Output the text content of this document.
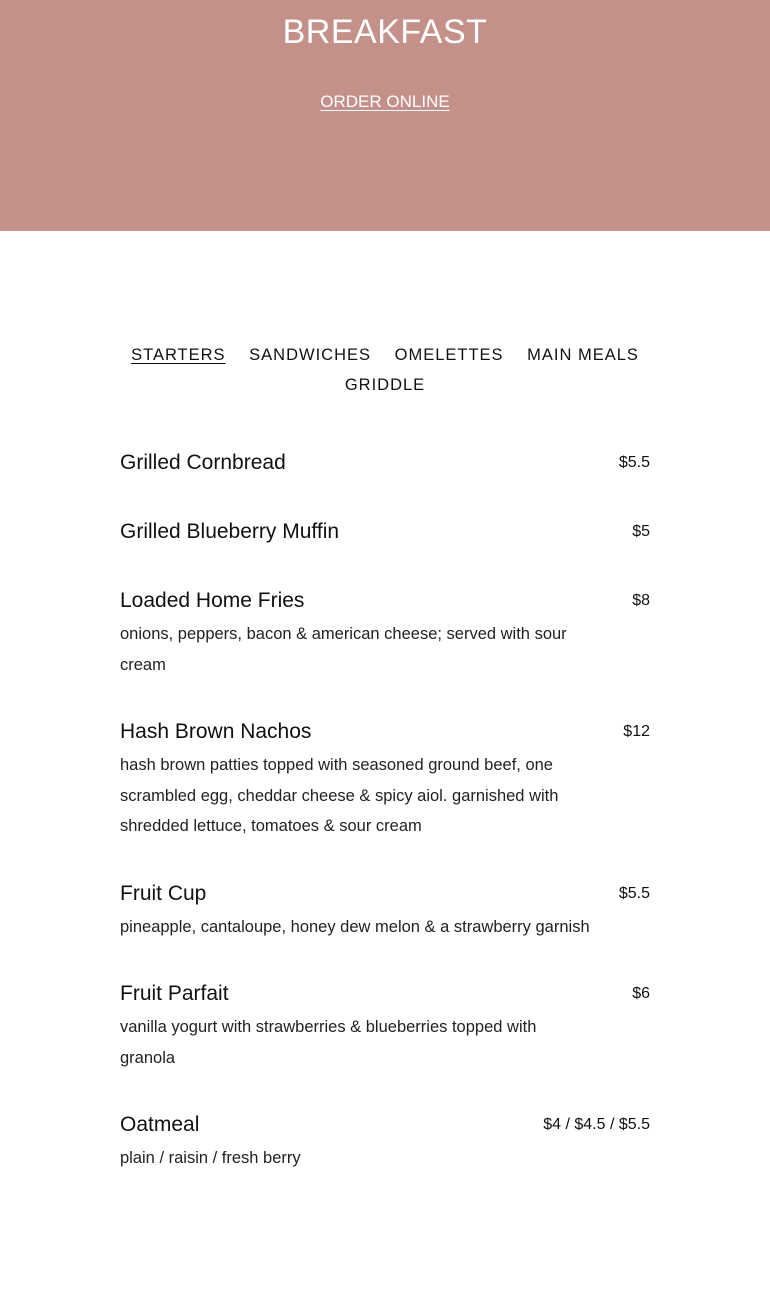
BREAKFAST
ORDER ONLINE
STARTERS SANDWICHES OMELETTES MAIN MEALS
GRIDDLE
Grilled Cornbread	$5.5
Grilled Blueberry Muffin	$5
Loaded Home Fries	$8
onions, peppers, bacon & american cheese; served with sour cream
Hash Brown Nachos	$12
hash brown patties topped with seasoned ground beef, one scrambled egg, cheddar cheese & spicy aiol. garnished with shredded lettuce, tomatoes & sour cream
Fruit Cup	$5.5
pineapple, cantaloupe, honey dew melon & a strawberry garnish
Fruit Parfait	$6
vanilla yogurt with strawberries & blueberries topped with granola
Oatmeal	$4 / $4.5 / $5.5
plain / raisin / fresh berry
